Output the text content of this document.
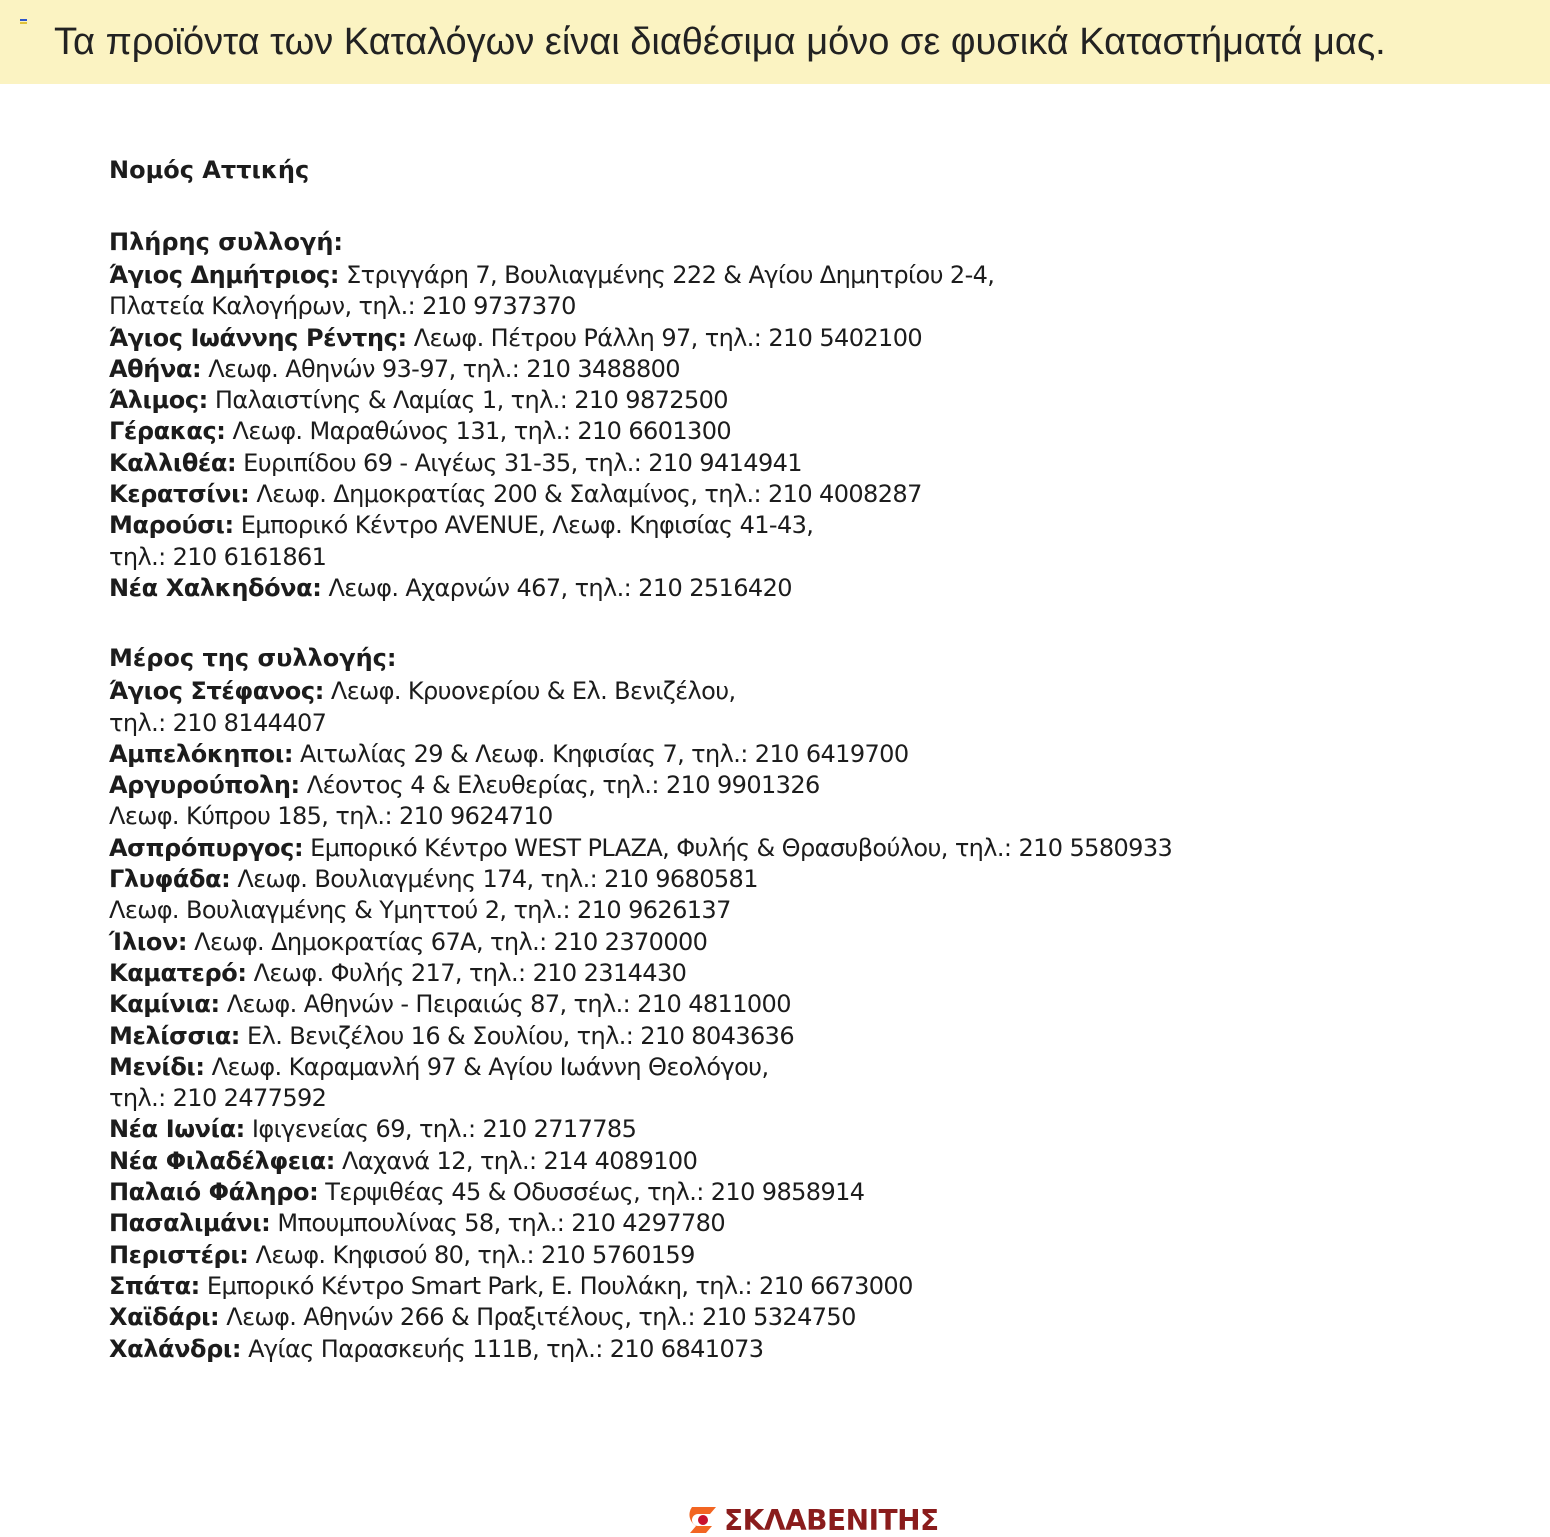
Τα προϊόντα των Καταλόγων είναι διαθέσιμα μόνο σε φυσικά Καταστήματά μας.
Νομός Αττικής
Πλήρης συλλογή:
Άγιος Δημήτριος: Στριγγάρη 7, Βουλιαγμένης 222 & Αγίου Δημητρίου 2-4,
Πλατεία Καλογήρων, τηλ.: 210 9737370
Άγιος Ιωάννης Ρέντης: Λεωφ. Πέτρου Ράλλη 97, τηλ.: 210 5402100
Αθήνα: Λεωφ. Αθηνών 93-97, τηλ.: 210 3488800
Άλιμος: Παλαιστίνης & Λαμίας 1, τηλ.: 210 9872500
Γέρακας: Λεωφ. Μαραθώνος 131, τηλ.: 210 6601300
Καλλιθέα: Ευριπίδου 69 - Αιγέως 31-35, τηλ.: 210 9414941
Κερατσίνι: Λεωφ. Δημοκρατίας 200 & Σαλαμίνος, τηλ.: 210 4008287
Μαρούσι: Εμπορικό Κέντρο AVENUE, Λεωφ. Κηφισίας 41-43,
τηλ.: 210 6161861
Νέα Χαλκηδόνα: Λεωφ. Αχαρνών 467, τηλ.: 210 2516420
Μέρος της συλλογής:
Άγιος Στέφανος: Λεωφ. Κρυονερίου & Ελ. Βενιζέλου,
τηλ.: 210 8144407
Αμπελόκηποι: Αιτωλίας 29 & Λεωφ. Κηφισίας 7, τηλ.: 210 6419700
Αργυρούπολη: Λέοντος 4 & Ελευθερίας, τηλ.: 210 9901326
Λεωφ. Κύπρου 185, τηλ.: 210 9624710
Ασπρόπυργος: Εμπορικό Κέντρο WEST PLAZA, Φυλής & Θρασυβούλου, τηλ.: 210 5580933
Γλυφάδα: Λεωφ. Βουλιαγμένης 174, τηλ.: 210 9680581
Λεωφ. Βουλιαγμένης & Υμηττού 2, τηλ.: 210 9626137
Ίλιον: Λεωφ. Δημοκρατίας 67Α, τηλ.: 210 2370000
Καματερό: Λεωφ. Φυλής 217, τηλ.: 210 2314430
Καμίνια: Λεωφ. Αθηνών - Πειραιώς 87, τηλ.: 210 4811000
Μελίσσια: Ελ. Βενιζέλου 16 & Σουλίου, τηλ.: 210 8043636
Μενίδι: Λεωφ. Καραμανλή 97 & Αγίου Ιωάννη Θεολόγου,
τηλ.: 210 2477592
Νέα Ιωνία: Ιφιγενείας 69, τηλ.: 210 2717785
Νέα Φιλαδέλφεια: Λαχανά 12, τηλ.: 214 4089100
Παλαιό Φάληρο: Τερψιθέας 45 & Οδυσσέως, τηλ.: 210 9858914
Πασαλιμάνι: Μπουμπουλίνας 58, τηλ.: 210 4297780
Περιστέρι: Λεωφ. Κηφισού 80, τηλ.: 210 5760159
Σπάτα: Εμπορικό Κέντρο Smart Park, Ε. Πουλάκη, τηλ.: 210 6673000
Χαϊδάρι: Λεωφ. Αθηνών 266 & Πραξιτέλους, τηλ.: 210 5324750
Χαλάνδρι: Αγίας Παρασκευής 111Β, τηλ.: 210 6841073
ΣΚΛΑΒΕΝΙΤΗΣ
